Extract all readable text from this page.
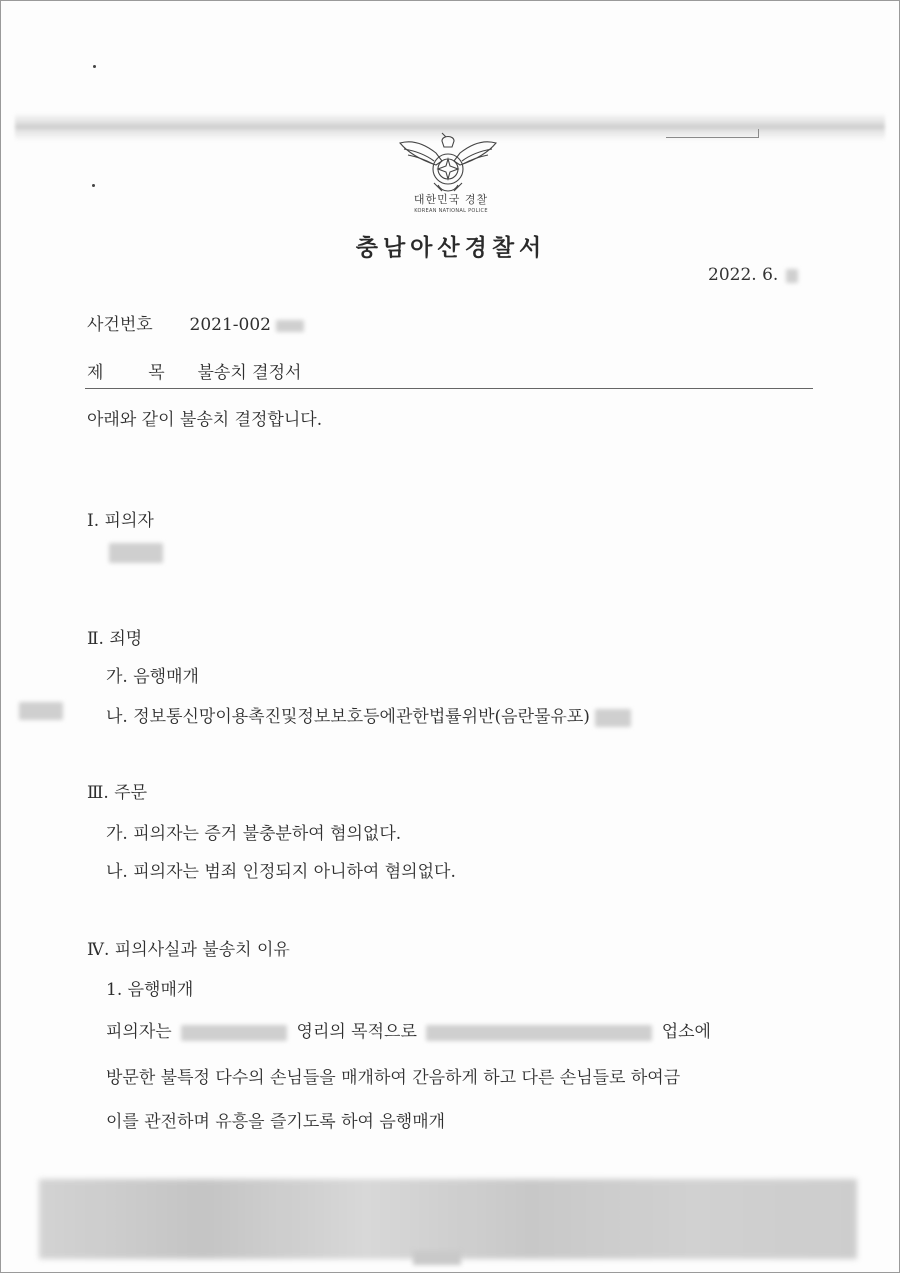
대한민국 경찰
KOREAN NATIONAL POLICE
충남아산경찰서
2022. 6.
사건번호 2021-002
제	목 불송치 결정서
아래와 같이 불송치 결정합니다.
Ⅰ. 피의자
Ⅱ. 죄명
가. 음행매개
나. 정보통신망이용촉진및정보보호등에관한법률위반(음란물유포)
Ⅲ. 주문
가. 피의자는 증거 불충분하여 혐의없다.
나. 피의자는 범죄 인정되지 아니하여 혐의없다.
Ⅳ. 피의사실과 불송치 이유
1. 음행매개
피의자는	영리의 목적으로	업소에
방문한 불특정 다수의 손님들을 매개하여 간음하게 하고 다른 손님들로 하여금
이를 관전하며 유흥을 즐기도록 하여 음행매개
